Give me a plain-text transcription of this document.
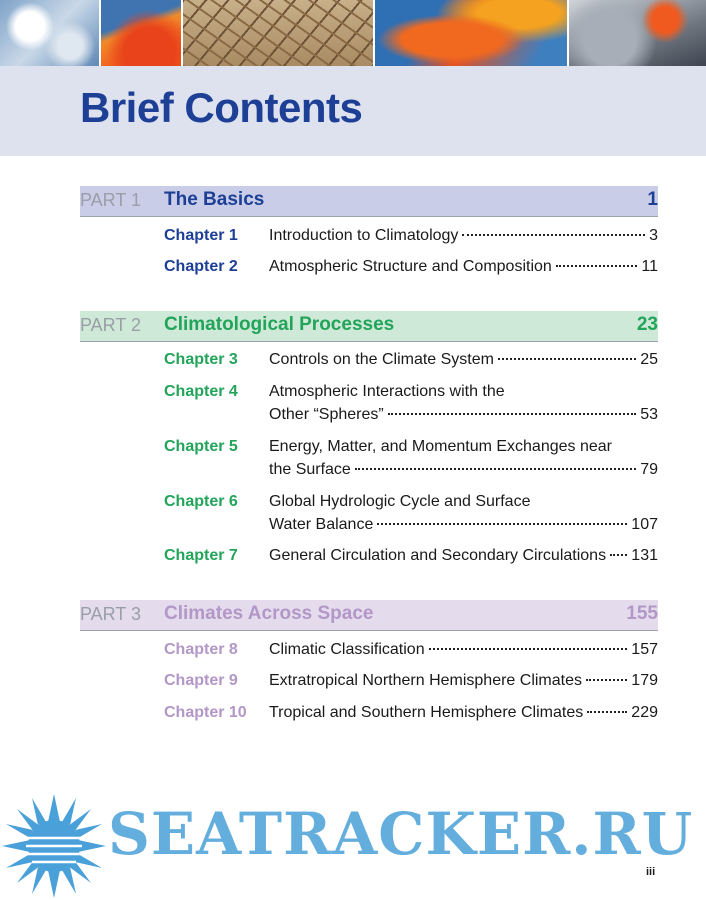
Brief Contents
PART 1 The Basics	1
Chapter 1 Introduction to Climatology	3
Chapter 2 Atmospheric Structure and Composition	11
PART 2 Climatological Processes	23
Chapter 3 Controls on the Climate System	25
Chapter 4 Atmospheric Interactions with the
Other “Spheres”	53
Chapter 5 Energy, Matter, and Momentum Exchanges near
the Surface	79
Chapter 6 Global Hydrologic Cycle and Surface
Water Balance	107
Chapter 7 General Circulation and Secondary Circulations 131
PART 3 Climates Across Space	155
Chapter 8 Climatic Classification	157
Chapter 9 Extratropical Northern Hemisphere Climates	179
Chapter 10 Tropical and Southern Hemisphere Climates	229
SEATRACKER.RU
iii
